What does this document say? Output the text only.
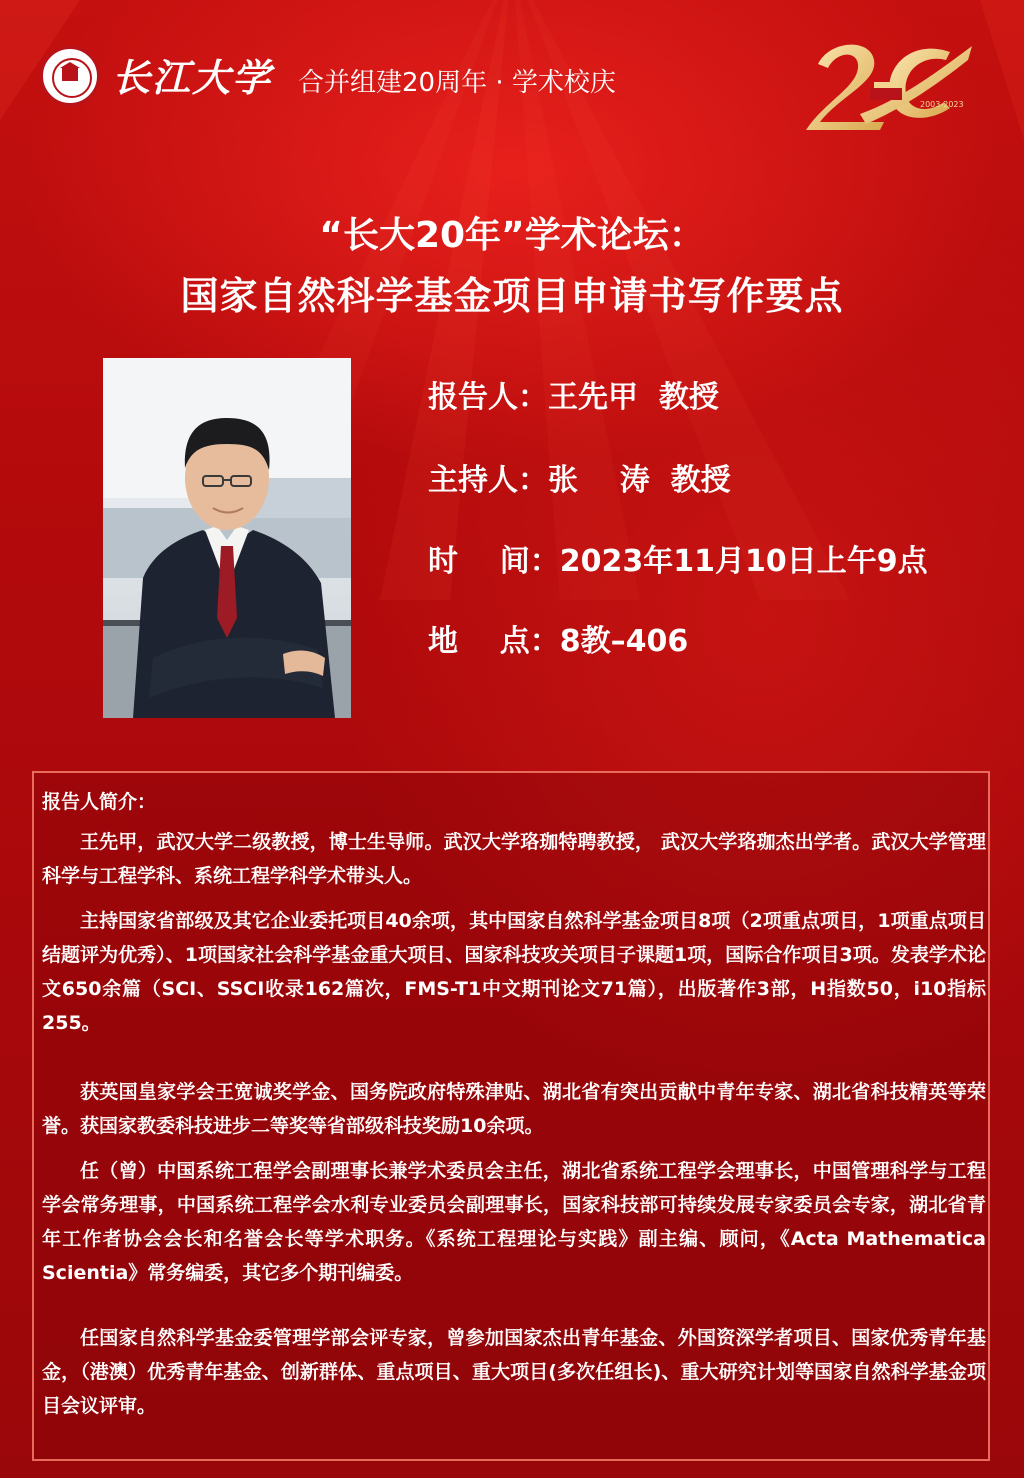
长江大学 合并组建20周年 · 学术校庆
2003-2023
“长大20年”学术论坛：
国家自然科学基金项目申请书写作要点
报告人：王先甲  教授
主持人：张    涛  教授
时    间：2023年11月10日上午9点
地    点：8教–406
报告人简介：

王先甲，武汉大学二级教授，博士生导师。武汉大学珞珈特聘教授， 武汉大学珞珈杰出学者。武汉大学管理科学与工程学科、系统工程学科学术带头人。

主持国家省部级及其它企业委托项目40余项，其中国家自然科学基金项目8项（2项重点项目，1项重点项目结题评为优秀）、1项国家社会科学基金重大项目、国家科技攻关项目子课题1项，国际合作项目3项。发表学术论文650余篇（SCI、SSCI收录162篇次，FMS-T1中文期刊论文71篇），出版著作3部，H指数50，i10指标255。

获英国皇家学会王宽诚奖学金、国务院政府特殊津贴、湖北省有突出贡献中青年专家、湖北省科技精英等荣誉。获国家教委科技进步二等奖等省部级科技奖励10余项。

任（曾）中国系统工程学会副理事长兼学术委员会主任，湖北省系统工程学会理事长，中国管理科学与工程学会常务理事，中国系统工程学会水利专业委员会副理事长，国家科技部可持续发展专家委员会专家，湖北省青年工作者协会会长和名誉会长等学术职务。《系统工程理论与实践》副主编、顾问，《Acta Mathematica Scientia》常务编委，其它多个期刊编委。

任国家自然科学基金委管理学部会评专家，曾参加国家杰出青年基金、外国资深学者项目、国家优秀青年基金，（港澳）优秀青年基金、创新群体、重点项目、重大项目(多次任组长)、重大研究计划等国家自然科学基金项目会议评审。
